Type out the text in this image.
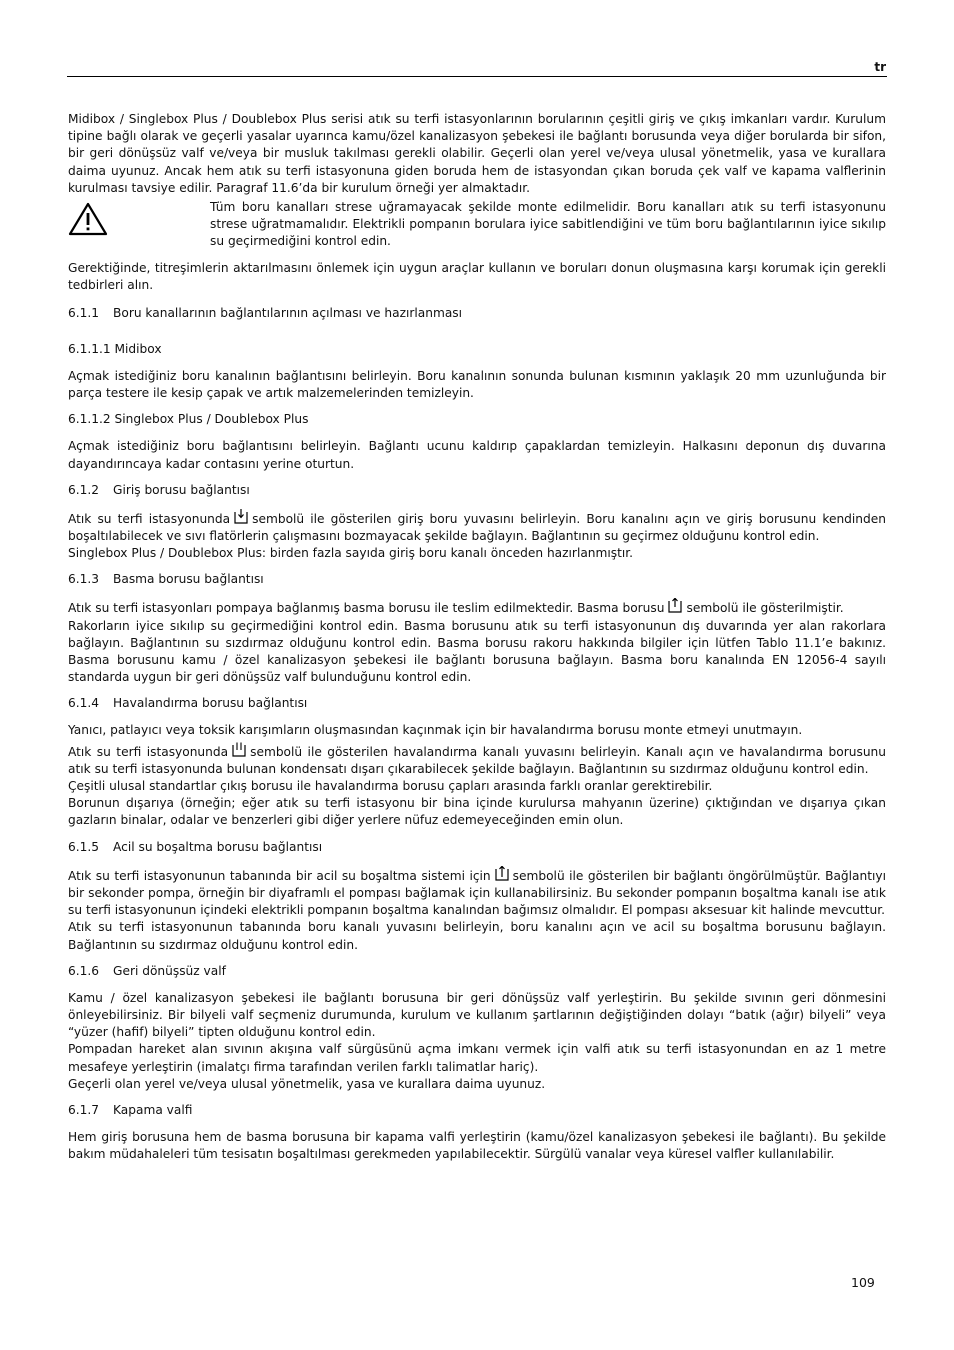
tr

Midibox / Singlebox Plus / Doublebox Plus serisi atık su terfi istasyonlarının borularının çeşitli giriş ve çıkış imkanları vardır. Kurulum tipine bağlı olarak ve geçerli yasalar uyarınca kamu/özel kanalizasyon şebekesi ile bağlantı borusunda veya diğer borularda bir sifon, bir geri dönüşsüz valf ve/veya bir musluk takılması gerekli olabilir. Geçerli olan yerel ve/veya ulusal yönetmelik, yasa ve kurallara daima uyunuz. Ancak hem atık su terfi istasyonuna giden boruda hem de istasyondan çıkan boruda çek valf ve kapama valflerinin kurulması tavsiye edilir. Paragraf 11.6’da bir kurulum örneği yer almaktadır.

Tüm boru kanalları strese uğramayacak şekilde monte edilmelidir. Boru kanalları atık su terfi istasyonunu strese uğratmamalıdır. Elektrikli pompanın borulara iyice sabitlendiğini ve tüm boru bağlantılarının iyice sıkılıp su geçirmediğini kontrol edin.

Gerektiğinde, titreşimlerin aktarılmasını önlemek için uygun araçlar kullanın ve boruları donun oluşmasına karşı korumak için gerekli tedbirleri alın.

6.1.1 Boru kanallarının bağlantılarının açılması ve hazırlanması
6.1.1.1 Midibox

Açmak istediğiniz boru kanalının bağlantısını belirleyin. Boru kanalının sonunda bulunan kısmının yaklaşık 20 mm uzunluğunda bir parça testere ile kesip çapak ve artık malzemelerinden temizleyin.

6.1.1.2 Singlebox Plus / Doublebox Plus

Açmak istediğiniz boru bağlantısını belirleyin. Bağlantı ucunu kaldırıp çapaklardan temizleyin. Halkasını deponun dış duvarına dayandırıncaya kadar contasını yerine oturtun.

6.1.2 Giriş borusu bağlantısı

Atık su terfi istasyonunda sembolü ile gösterilen giriş boru yuvasını belirleyin. Boru kanalını açın ve giriş borusunu kendinden boşaltılabilecek ve sıvı flatörlerin çalışmasını bozmayacak şekilde bağlayın. Bağlantının su geçirmez olduğunu kontrol edin.

Singlebox Plus / Doublebox Plus: birden fazla sayıda giriş boru kanalı önceden hazırlanmıştır.

6.1.3 Basma borusu bağlantısı

Atık su terfi istasyonları pompaya bağlanmış basma borusu ile teslim edilmektedir. Basma borusu sembolü ile gösterilmiştir.

Rakorların iyice sıkılıp su geçirmediğini kontrol edin. Basma borusunu atık su terfi istasyonunun dış duvarında yer alan rakorlara bağlayın. Bağlantının su sızdırmaz olduğunu kontrol edin. Basma borusu rakoru hakkında bilgiler için lütfen Tablo 11.1’e bakınız. Basma borusunu kamu / özel kanalizasyon şebekesi ile bağlantı borusuna bağlayın. Basma boru kanalında EN 12056-4 sayılı standarda uygun bir geri dönüşsüz valf bulunduğunu kontrol edin.

6.1.4 Havalandırma borusu bağlantısı

Yanıcı, patlayıcı veya toksik karışımların oluşmasından kaçınmak için bir havalandırma borusu monte etmeyi unutmayın.

Atık su terfi istasyonunda sembolü ile gösterilen havalandırma kanalı yuvasını belirleyin. Kanalı açın ve havalandırma borusunu atık su terfi istasyonunda bulunan kondensatı dışarı çıkarabilecek şekilde bağlayın. Bağlantının su sızdırmaz olduğunu kontrol edin.

Çeşitli ulusal standartlar çıkış borusu ile havalandırma borusu çapları arasında farklı oranlar gerektirebilir.

Borunun dışarıya (örneğin; eğer atık su terfi istasyonu bir bina içinde kurulursa mahyanın üzerine) çıktığından ve dışarıya çıkan gazların binalar, odalar ve benzerleri gibi diğer yerlere nüfuz edemeyeceğinden emin olun.

6.1.5 Acil su boşaltma borusu bağlantısı

Atık su terfi istasyonunun tabanında bir acil su boşaltma sistemi için sembolü ile gösterilen bir bağlantı öngörülmüştür. Bağlantıyı bir sekonder pompa, örneğin bir diyaframlı el pompası bağlamak için kullanabilirsiniz. Bu sekonder pompanın boşaltma kanalı ise atık su terfi istasyonunun içindeki elektrikli pompanın boşaltma kanalından bağımsız olmalıdır. El pompası aksesuar kit halinde mevcuttur.

Atık su terfi istasyonunun tabanında boru kanalı yuvasını belirleyin, boru kanalını açın ve acil su boşaltma borusunu bağlayın. Bağlantının su sızdırmaz olduğunu kontrol edin.

6.1.6 Geri dönüşsüz valf

Kamu / özel kanalizasyon şebekesi ile bağlantı borusuna bir geri dönüşsüz valf yerleştirin. Bu şekilde sıvının geri dönmesini önleyebilirsiniz. Bir bilyeli valf seçmeniz durumunda, kurulum ve kullanım şartlarının değiştiğinden dolayı “batık (ağır) bilyeli” veya “yüzer (hafif) bilyeli” tipten olduğunu kontrol edin.

Pompadan hareket alan sıvının akışına valf sürgüsünü açma imkanı vermek için valfi atık su terfi istasyonundan en az 1 metre mesafeye yerleştirin (imalatçı firma tarafından verilen farklı talimatlar hariç).

Geçerli olan yerel ve/veya ulusal yönetmelik, yasa ve kurallara daima uyunuz.

6.1.7 Kapama valfi

Hem giriş borusuna hem de basma borusuna bir kapama valfi yerleştirin (kamu/özel kanalizasyon şebekesi ile bağlantı). Bu şekilde bakım müdahaleleri tüm tesisatın boşaltılması gerekmeden yapılabilecektir. Sürgülü vanalar veya küresel valfler kullanılabilir.

109
